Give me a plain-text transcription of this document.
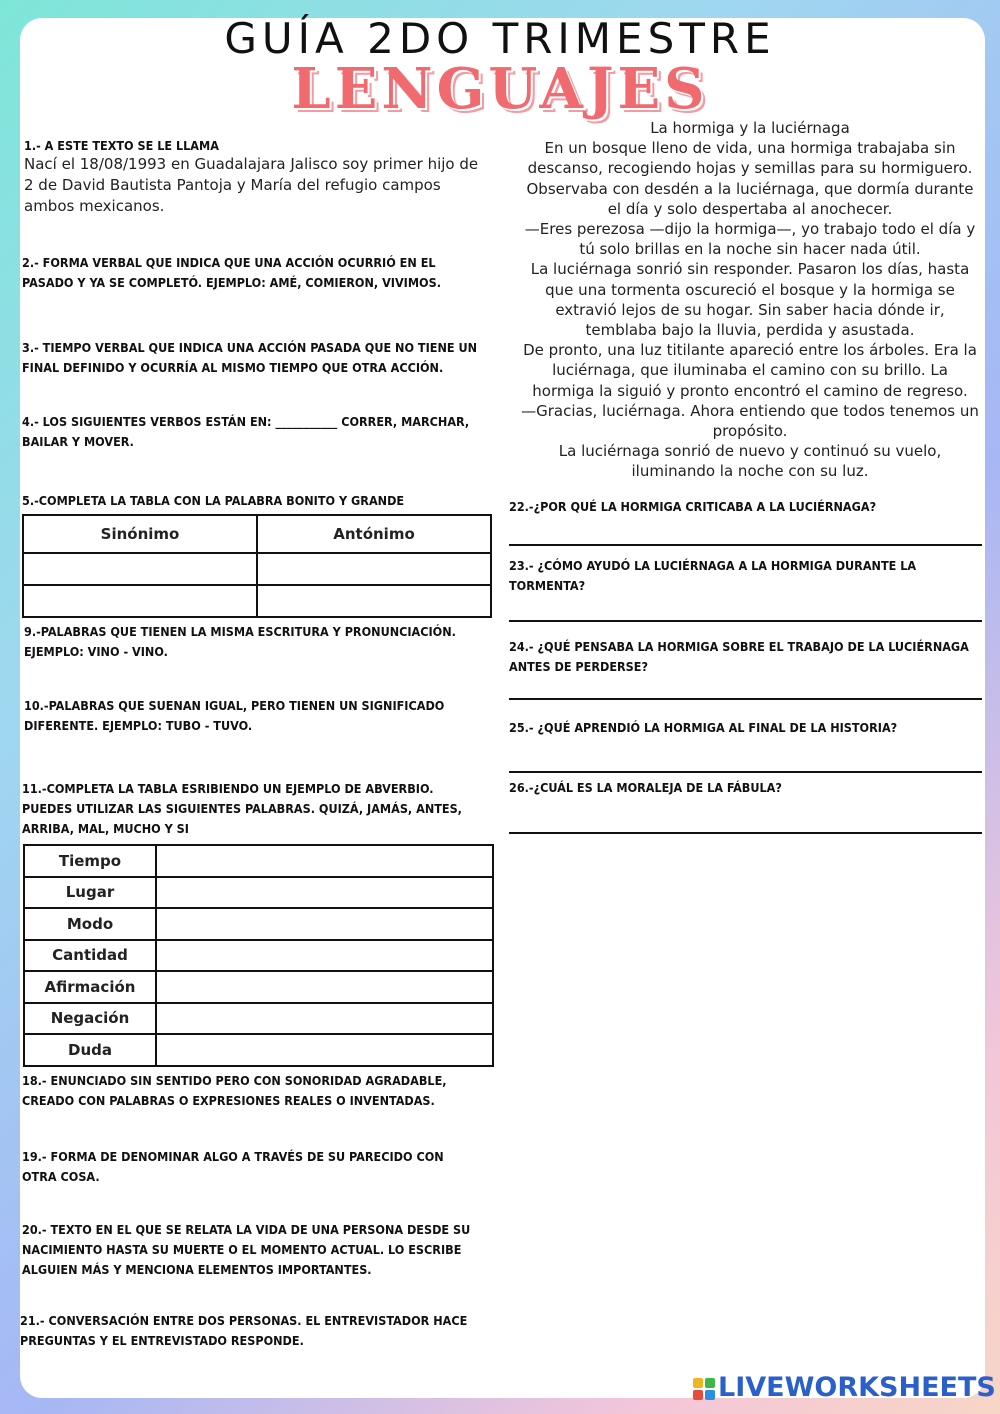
GUÍA 2DO TRIMESTRE
LENGUAJES
1.- A ESTE TEXTO SE LE LLAMA
Nací el 18/08/1993 en Guadalajara Jalisco soy primer hijo de 2 de David Bautista Pantoja y María del refugio campos ambos mexicanos.
2.- FORMA VERBAL QUE INDICA QUE UNA ACCIÓN OCURRIÓ EN EL PASADO Y YA SE COMPLETÓ. EJEMPLO: AMÉ, COMIERON, VIVIMOS.
3.- TIEMPO VERBAL QUE INDICA UNA ACCIÓN PASADA QUE NO TIENE UN FINAL DEFINIDO Y OCURRÍA AL MISMO TIEMPO QUE OTRA ACCIÓN.
4.- LOS SIGUIENTES VERBOS ESTÁN EN: ___________ CORRER, MARCHAR, BAILAR Y MOVER.
5.-COMPLETA LA TABLA CON LA PALABRA BONITO Y GRANDE
Sinónimo	Antónimo

9.-PALABRAS QUE TIENEN LA MISMA ESCRITURA Y PRONUNCIACIÓN. EJEMPLO: VINO - VINO.
10.-PALABRAS QUE SUENAN IGUAL, PERO TIENEN UN SIGNIFICADO DIFERENTE. EJEMPLO: TUBO - TUVO.
11.-COMPLETA LA TABLA ESRIBIENDO UN EJEMPLO DE ABVERBIO. PUEDES UTILIZAR LAS SIGUIENTES PALABRAS. QUIZÁ, JAMÁS, ANTES, ARRIBA, MAL, MUCHO Y SI
Tiempo	
Lugar	
Modo	
Cantidad	
Afirmación	
Negación	
Duda	
18.- ENUNCIADO SIN SENTIDO PERO CON SONORIDAD AGRADABLE, CREADO CON PALABRAS O EXPRESIONES REALES O INVENTADAS.
19.- FORMA DE DENOMINAR ALGO A TRAVÉS DE SU PARECIDO CON OTRA COSA.
20.- TEXTO EN EL QUE SE RELATA LA VIDA DE UNA PERSONA DESDE SU NACIMIENTO HASTA SU MUERTE O EL MOMENTO ACTUAL. LO ESCRIBE ALGUIEN MÁS Y MENCIONA ELEMENTOS IMPORTANTES.
21.- CONVERSACIÓN ENTRE DOS PERSONAS. EL ENTREVISTADOR HACE PREGUNTAS Y EL ENTREVISTADO RESPONDE.
La hormiga y la luciérnaga
En un bosque lleno de vida, una hormiga trabajaba sin descanso, recogiendo hojas y semillas para su hormiguero. Observaba con desdén a la luciérnaga, que dormía durante el día y solo despertaba al anochecer.
—Eres perezosa —dijo la hormiga—, yo trabajo todo el día y tú solo brillas en la noche sin hacer nada útil.
La luciérnaga sonrió sin responder. Pasaron los días, hasta que una tormenta oscureció el bosque y la hormiga se extravió lejos de su hogar. Sin saber hacia dónde ir, temblaba bajo la lluvia, perdida y asustada.
De pronto, una luz titilante apareció entre los árboles. Era la luciérnaga, que iluminaba el camino con su brillo. La hormiga la siguió y pronto encontró el camino de regreso.
—Gracias, luciérnaga. Ahora entiendo que todos tenemos un propósito.
La luciérnaga sonrió de nuevo y continuó su vuelo, iluminando la noche con su luz.
22.-¿POR QUÉ LA HORMIGA CRITICABA A LA LUCIÉRNAGA?
23.- ¿CÓMO AYUDÓ LA LUCIÉRNAGA A LA HORMIGA DURANTE LA TORMENTA?
24.- ¿QUÉ PENSABA LA HORMIGA SOBRE EL TRABAJO DE LA LUCIÉRNAGA ANTES DE PERDERSE?
25.- ¿QUÉ APRENDIÓ LA HORMIGA AL FINAL DE LA HISTORIA?
26.-¿CUÁL ES LA MORALEJA DE LA FÁBULA?
LIVEWORKSHEETS
